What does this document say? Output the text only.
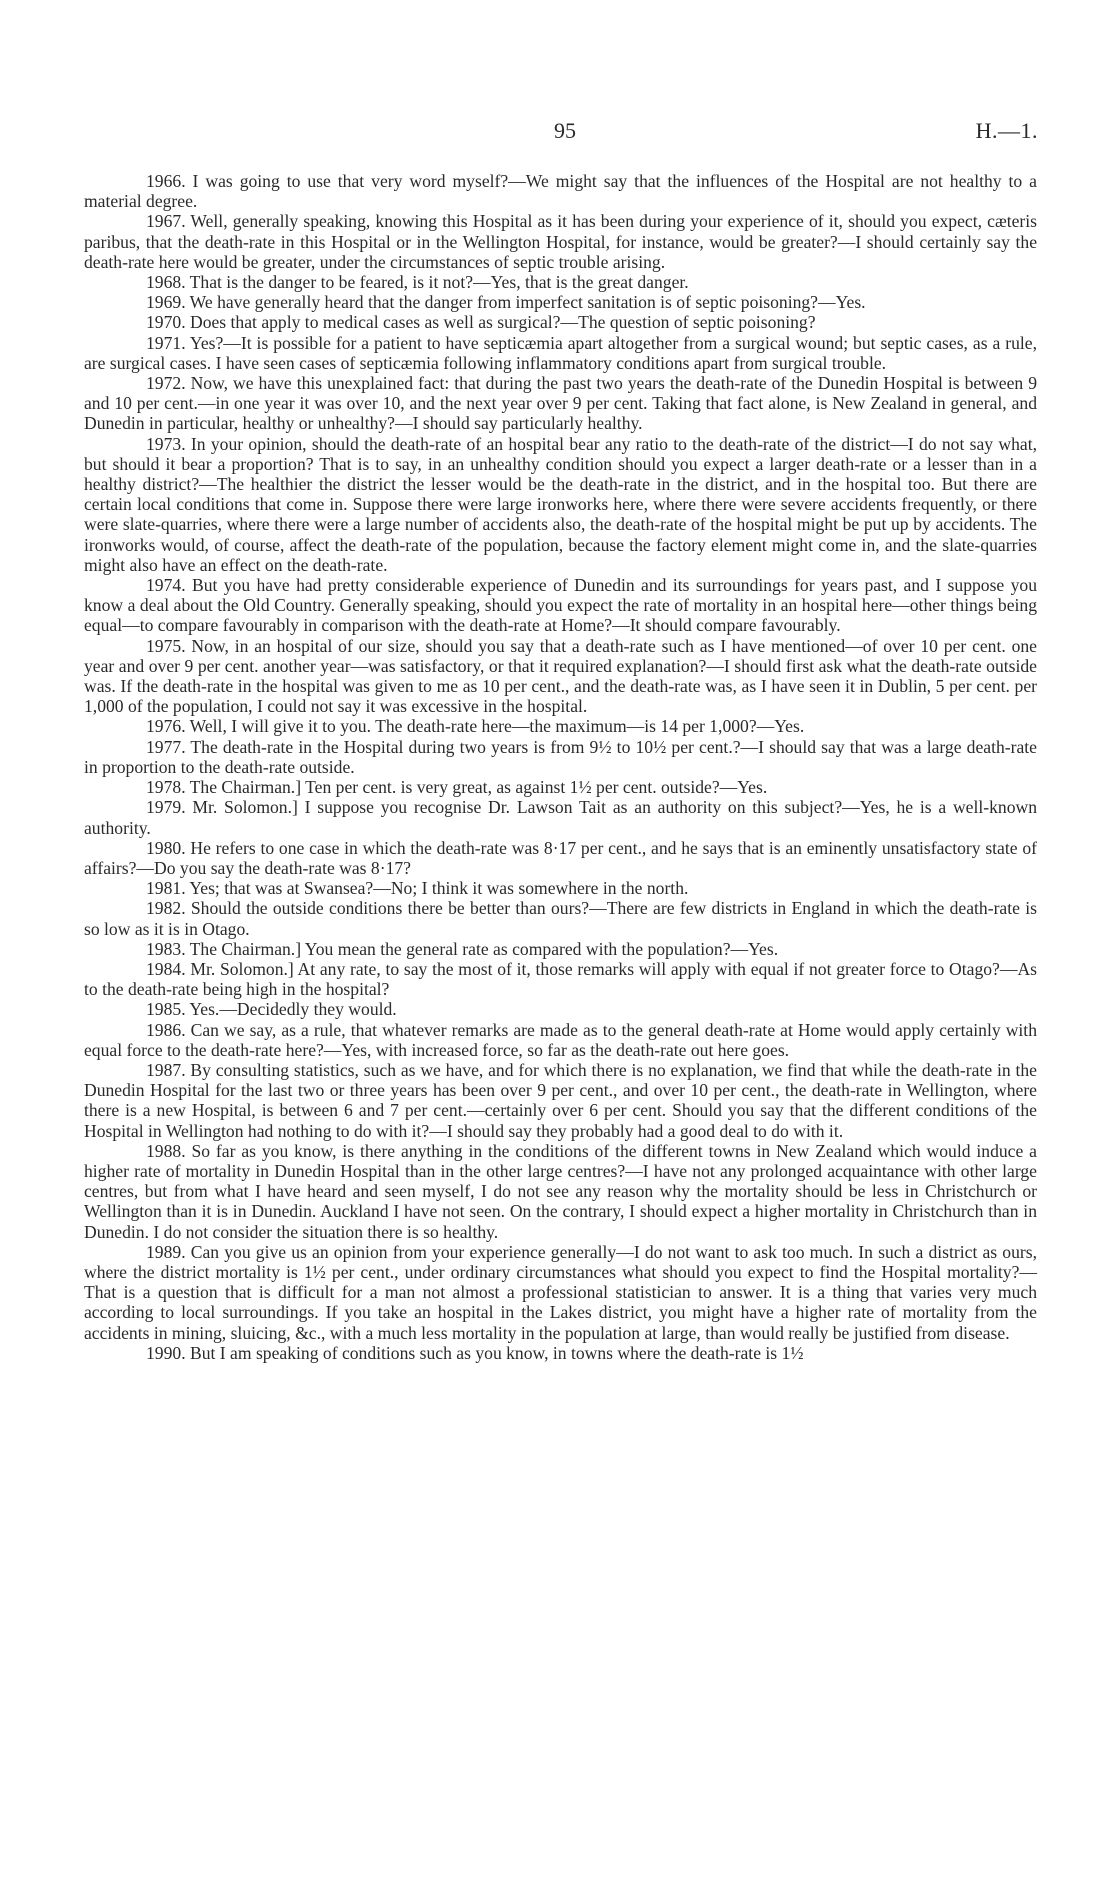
95	H.—1.

1966. I was going to use that very word myself?—We might say that the influences of the Hospital are not healthy to a material degree.

1967. Well, generally speaking, knowing this Hospital as it has been during your experience of it, should you expect, cæteris paribus, that the death-rate in this Hospital or in the Wellington Hospital, for instance, would be greater?—I should certainly say the death-rate here would be greater, under the circumstances of septic trouble arising.

1968. That is the danger to be feared, is it not?—Yes, that is the great danger.

1969. We have generally heard that the danger from imperfect sanitation is of septic poisoning?—Yes.

1970. Does that apply to medical cases as well as surgical?—The question of septic poisoning?

1971. Yes?—It is possible for a patient to have septicæmia apart altogether from a surgical wound; but septic cases, as a rule, are surgical cases. I have seen cases of septicæmia following inflammatory conditions apart from surgical trouble.

1972. Now, we have this unexplained fact: that during the past two years the death-rate of the Dunedin Hospital is between 9 and 10 per cent.—in one year it was over 10, and the next year over 9 per cent. Taking that fact alone, is New Zealand in general, and Dunedin in particular, healthy or unhealthy?—I should say particularly healthy.

1973. In your opinion, should the death-rate of an hospital bear any ratio to the death-rate of the district—I do not say what, but should it bear a proportion? That is to say, in an unhealthy condition should you expect a larger death-rate or a lesser than in a healthy district?—The healthier the district the lesser would be the death-rate in the district, and in the hospital too. But there are certain local conditions that come in. Suppose there were large ironworks here, where there were severe accidents frequently, or there were slate-quarries, where there were a large number of accidents also, the death-rate of the hospital might be put up by accidents. The ironworks would, of course, affect the death-rate of the population, because the factory element might come in, and the slate-quarries might also have an effect on the death-rate.

1974. But you have had pretty considerable experience of Dunedin and its surroundings for years past, and I suppose you know a deal about the Old Country. Generally speaking, should you expect the rate of mortality in an hospital here—other things being equal—to compare favourably in comparison with the death-rate at Home?—It should compare favourably.

1975. Now, in an hospital of our size, should you say that a death-rate such as I have mentioned—of over 10 per cent. one year and over 9 per cent. another year—was satisfactory, or that it required explanation?—I should first ask what the death-rate outside was. If the death-rate in the hospital was given to me as 10 per cent., and the death-rate was, as I have seen it in Dublin, 5 per cent. per 1,000 of the population, I could not say it was excessive in the hospital.

1976. Well, I will give it to you. The death-rate here—the maximum—is 14 per 1,000?—Yes.

1977. The death-rate in the Hospital during two years is from 9½ to 10½ per cent.?—I should say that was a large death-rate in proportion to the death-rate outside.

1978. The Chairman.] Ten per cent. is very great, as against 1½ per cent. outside?—Yes.

1979. Mr. Solomon.] I suppose you recognise Dr. Lawson Tait as an authority on this subject?—Yes, he is a well-known authority.

1980. He refers to one case in which the death-rate was 8·17 per cent., and he says that is an eminently unsatisfactory state of affairs?—Do you say the death-rate was 8·17?

1981. Yes; that was at Swansea?—No; I think it was somewhere in the north.

1982. Should the outside conditions there be better than ours?—There are few districts in England in which the death-rate is so low as it is in Otago.

1983. The Chairman.] You mean the general rate as compared with the population?—Yes.

1984. Mr. Solomon.] At any rate, to say the most of it, those remarks will apply with equal if not greater force to Otago?—As to the death-rate being high in the hospital?

1985. Yes.—Decidedly they would.

1986. Can we say, as a rule, that whatever remarks are made as to the general death-rate at Home would apply certainly with equal force to the death-rate here?—Yes, with increased force, so far as the death-rate out here goes.

1987. By consulting statistics, such as we have, and for which there is no explanation, we find that while the death-rate in the Dunedin Hospital for the last two or three years has been over 9 per cent., and over 10 per cent., the death-rate in Wellington, where there is a new Hospital, is between 6 and 7 per cent.—certainly over 6 per cent. Should you say that the different conditions of the Hospital in Wellington had nothing to do with it?—I should say they probably had a good deal to do with it.

1988. So far as you know, is there anything in the conditions of the different towns in New Zealand which would induce a higher rate of mortality in Dunedin Hospital than in the other large centres?—I have not any prolonged acquaintance with other large centres, but from what I have heard and seen myself, I do not see any reason why the mortality should be less in Christchurch or Wellington than it is in Dunedin. Auckland I have not seen. On the contrary, I should expect a higher mortality in Christchurch than in Dunedin. I do not consider the situation there is so healthy.

1989. Can you give us an opinion from your experience generally—I do not want to ask too much. In such a district as ours, where the district mortality is 1½ per cent., under ordinary circumstances what should you expect to find the Hospital mortality?—That is a question that is difficult for a man not almost a professional statistician to answer. It is a thing that varies very much according to local surroundings. If you take an hospital in the Lakes district, you might have a higher rate of mortality from the accidents in mining, sluicing, &c., with a much less mortality in the population at large, than would really be justified from disease.

1990. But I am speaking of conditions such as you know, in towns where the death-rate is 1½
